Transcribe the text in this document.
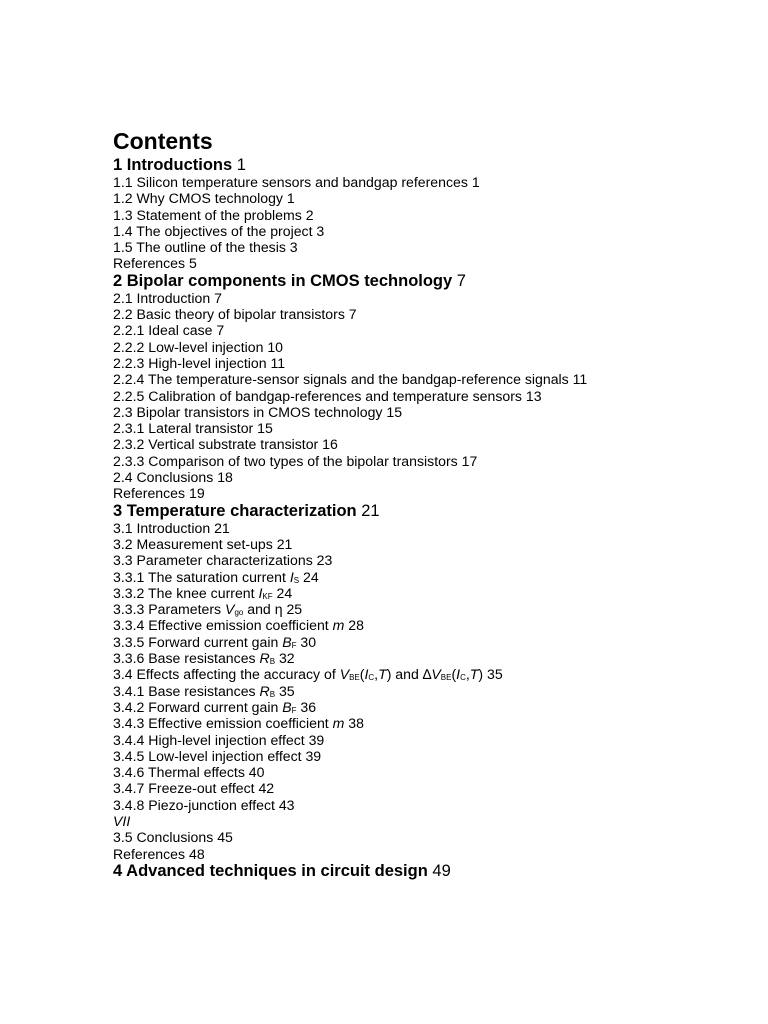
Contents
1 Introductions 1
1.1 Silicon temperature sensors and bandgap references 1
1.2 Why CMOS technology 1
1.3 Statement of the problems 2
1.4 The objectives of the project 3
1.5 The outline of the thesis 3
References 5
2 Bipolar components in CMOS technology 7
2.1 Introduction 7
2.2 Basic theory of bipolar transistors 7
2.2.1 Ideal case 7
2.2.2 Low-level injection 10
2.2.3 High-level injection 11
2.2.4 The temperature-sensor signals and the bandgap-reference signals 11
2.2.5 Calibration of bandgap-references and temperature sensors 13
2.3 Bipolar transistors in CMOS technology 15
2.3.1 Lateral transistor 15
2.3.2 Vertical substrate transistor 16
2.3.3 Comparison of two types of the bipolar transistors 17
2.4 Conclusions 18
References 19
3 Temperature characterization 21
3.1 Introduction 21
3.2 Measurement set-ups 21
3.3 Parameter characterizations 23
3.3.1 The saturation current $I_S$ 24
3.3.2 The knee current $I_{KF}$ 24
3.3.3 Parameters $V_{go}$ and η 25
3.3.4 Effective emission coefficient m 28
3.3.5 Forward current gain $B_F$ 30
3.3.6 Base resistances $R_B$ 32
3.4 Effects affecting the accuracy of $V_{BE}(I_C,T)$ and $\Delta V_{BE}(I_C,T)$ 35
3.4.1 Base resistances $R_B$ 35
3.4.2 Forward current gain $B_F$ 36
3.4.3 Effective emission coefficient m 38
3.4.4 High-level injection effect 39
3.4.5 Low-level injection effect 39
3.4.6 Thermal effects 40
3.4.7 Freeze-out effect 42
3.4.8 Piezo-junction effect 43
VII
3.5 Conclusions 45
References 48
4 Advanced techniques in circuit design 49
